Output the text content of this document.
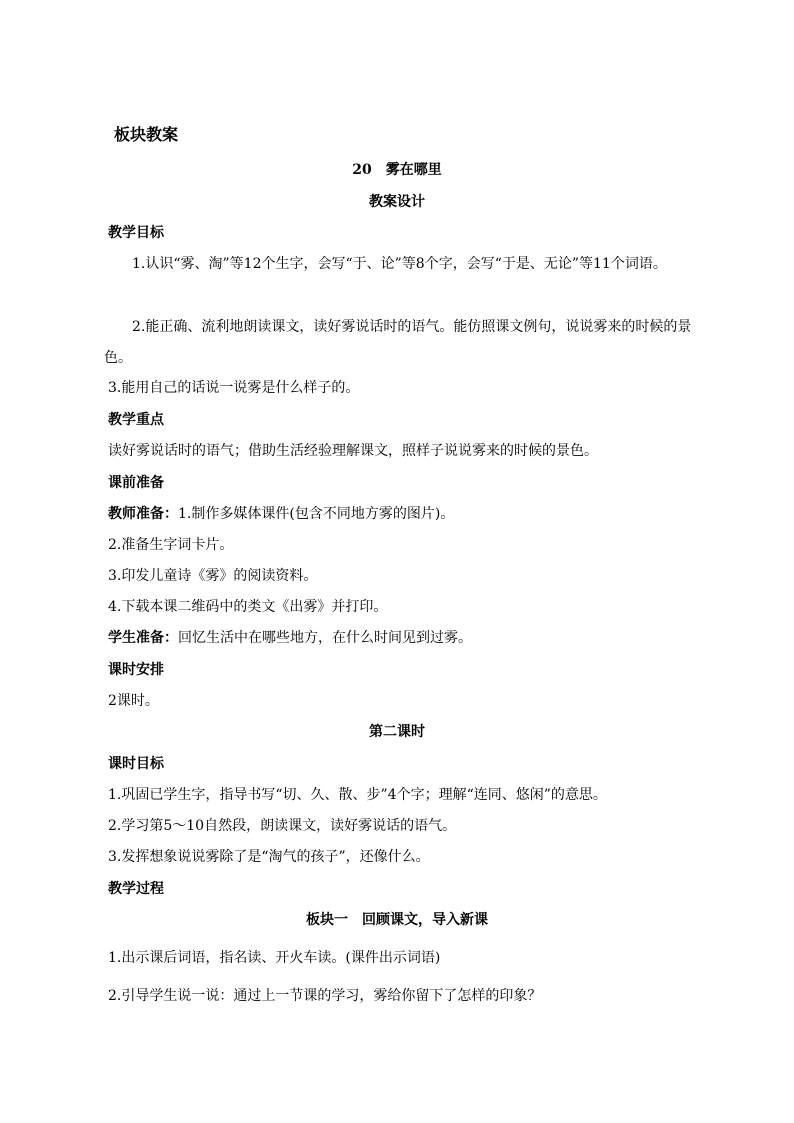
板块教案
20 雾在哪里
教案设计
教学目标
1.认识“雾、淘”等12个生字，会写“于、论”等8个字，会写“于是、无论”等11个词语。
2.能正确、流利地朗读课文，读好雾说话时的语气。能仿照课文例句，说说雾来的时候的景色。
3.能用自己的话说一说雾是什么样子的。
教学重点
读好雾说话时的语气；借助生活经验理解课文，照样子说说雾来的时候的景色。
课前准备
教师准备：1.制作多媒体课件(包含不同地方雾的图片)。
2.准备生字词卡片。
3.印发儿童诗《雾》的阅读资料。
4.下载本课二维码中的类文《出雾》并打印。
学生准备：回忆生活中在哪些地方，在什么时间见到过雾。
课时安排
2课时。
第二课时
课时目标
1.巩固已学生字，指导书写“切、久、散、步”4个字；理解“连同、悠闲”的意思。
2.学习第5～10自然段，朗读课文，读好雾说话的语气。
3.发挥想象说说雾除了是“淘气的孩子”，还像什么。
教学过程
板块一　回顾课文，导入新课
1.出示课后词语，指名读、开火车读。(课件出示词语)
2.引导学生说一说：通过上一节课的学习，雾给你留下了怎样的印象？
